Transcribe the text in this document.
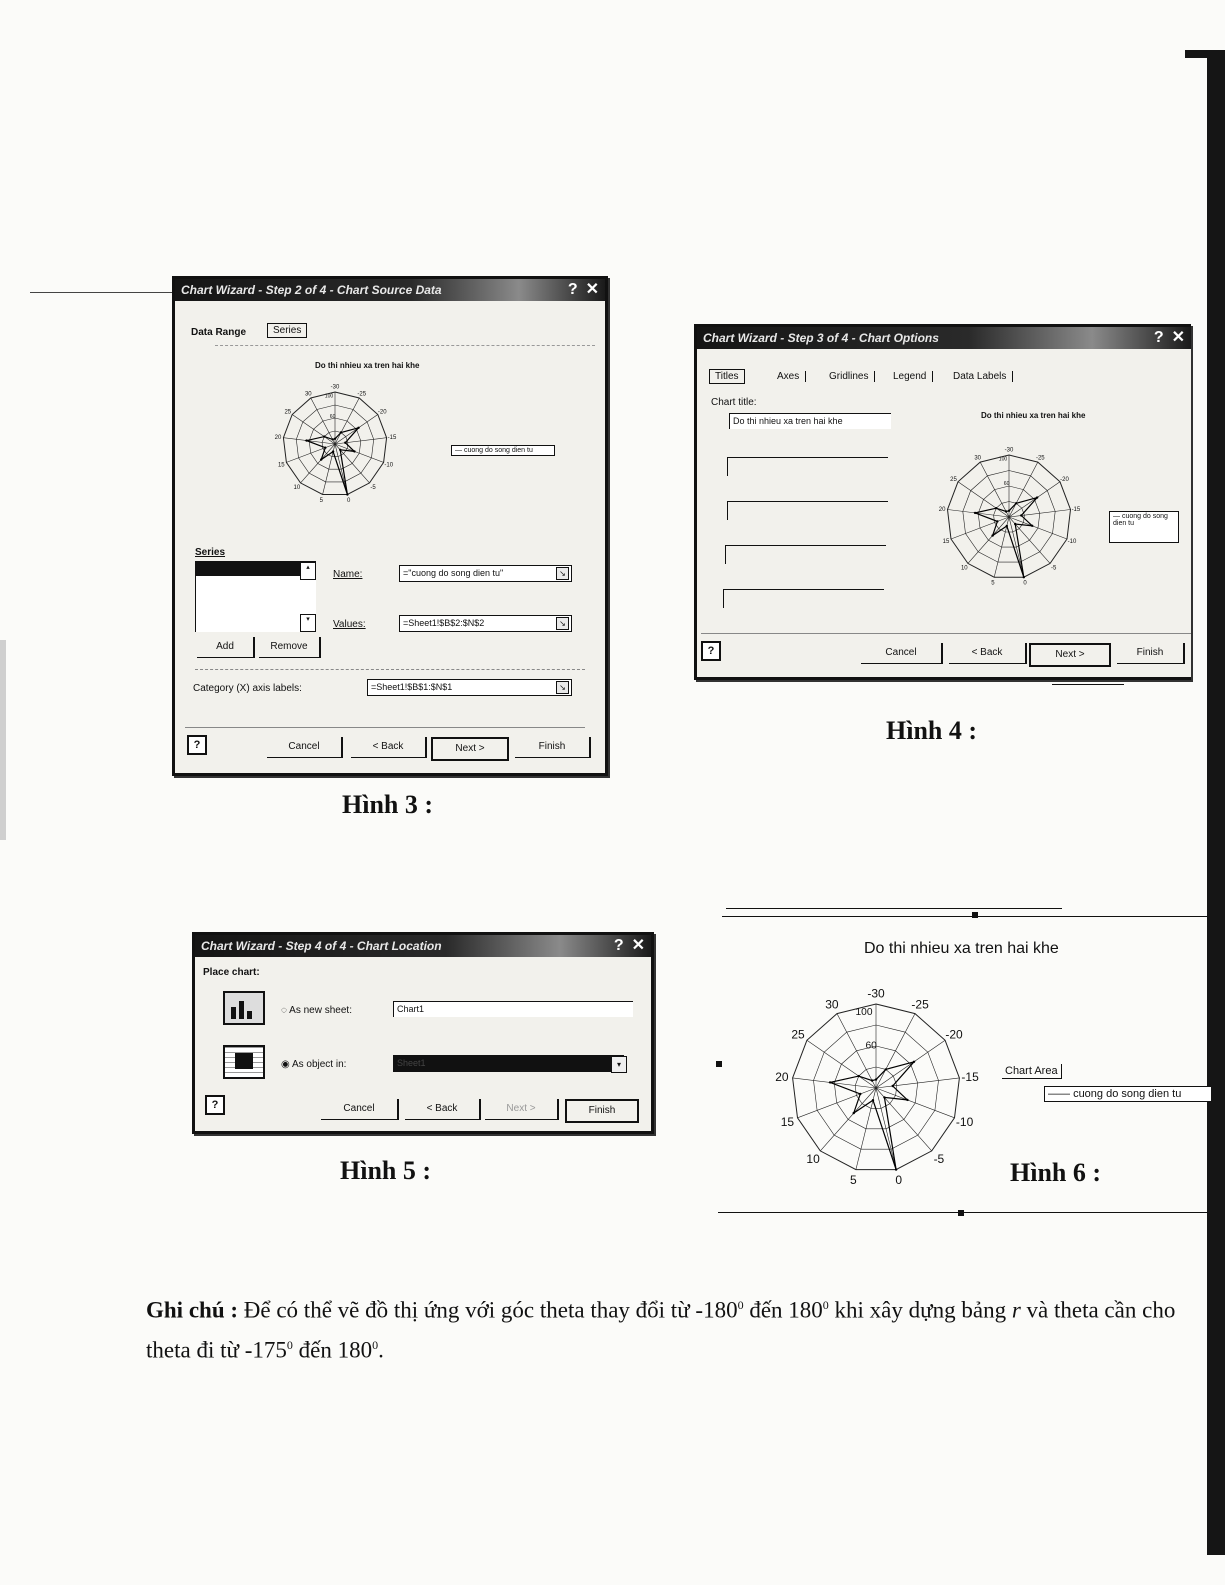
Chart Wizard - Step 2 of 4 - Chart Source Data	? ✕
Data Range	Series
Do thi nhieu xa tren hai khe
-30
-25
-20
-15
-10
-5
0
5
10
15
20
25
30
60
100
— cuong do song dien tu
Series
▴
▾
Name:	="cuong do song dien tu"	↘
Values:	=Sheet1!$B$2:$N$2	↘
Add	Remove
Category (X) axis labels:	=Sheet1!$B$1:$N$1	↘
?	Cancel	< Back	Next >	Finish
Hình 3 :
Chart Wizard - Step 3 of 4 - Chart Options	? ✕
Titles	Axes	Gridlines	Legend	Data Labels
Chart title:
Do thi nhieu xa tren hai khe
Do thi nhieu xa tren hai khe
-30
-25
-20
-15
-10
-5
0
5
10
15
20
25
30
60
100
— cuong do song dien tu
?	Cancel	< Back	Next >	Finish
Hình 4 :
Chart Wizard - Step 4 of 4 - Chart Location	? ✕
Place chart:
◌ As new sheet:	Chart1
◉ As object in:	Sheet1	▾
?	Cancel	< Back	Next >	Finish
Hình 5 :
Do thi nhieu xa tren hai khe
-30
-25
-20
-15
-10
-5
0
5
10
15
20
25
30
60
100
Chart Area
—— cuong do song dien tu
Hình 6 :
Ghi chú : Để có thể vẽ đồ thị ứng với góc theta thay đổi từ $-180^0$ đến $180^0$ khi xây dựng bảng r và theta cần cho theta đi từ $-175^0$ đến $180^0$.
